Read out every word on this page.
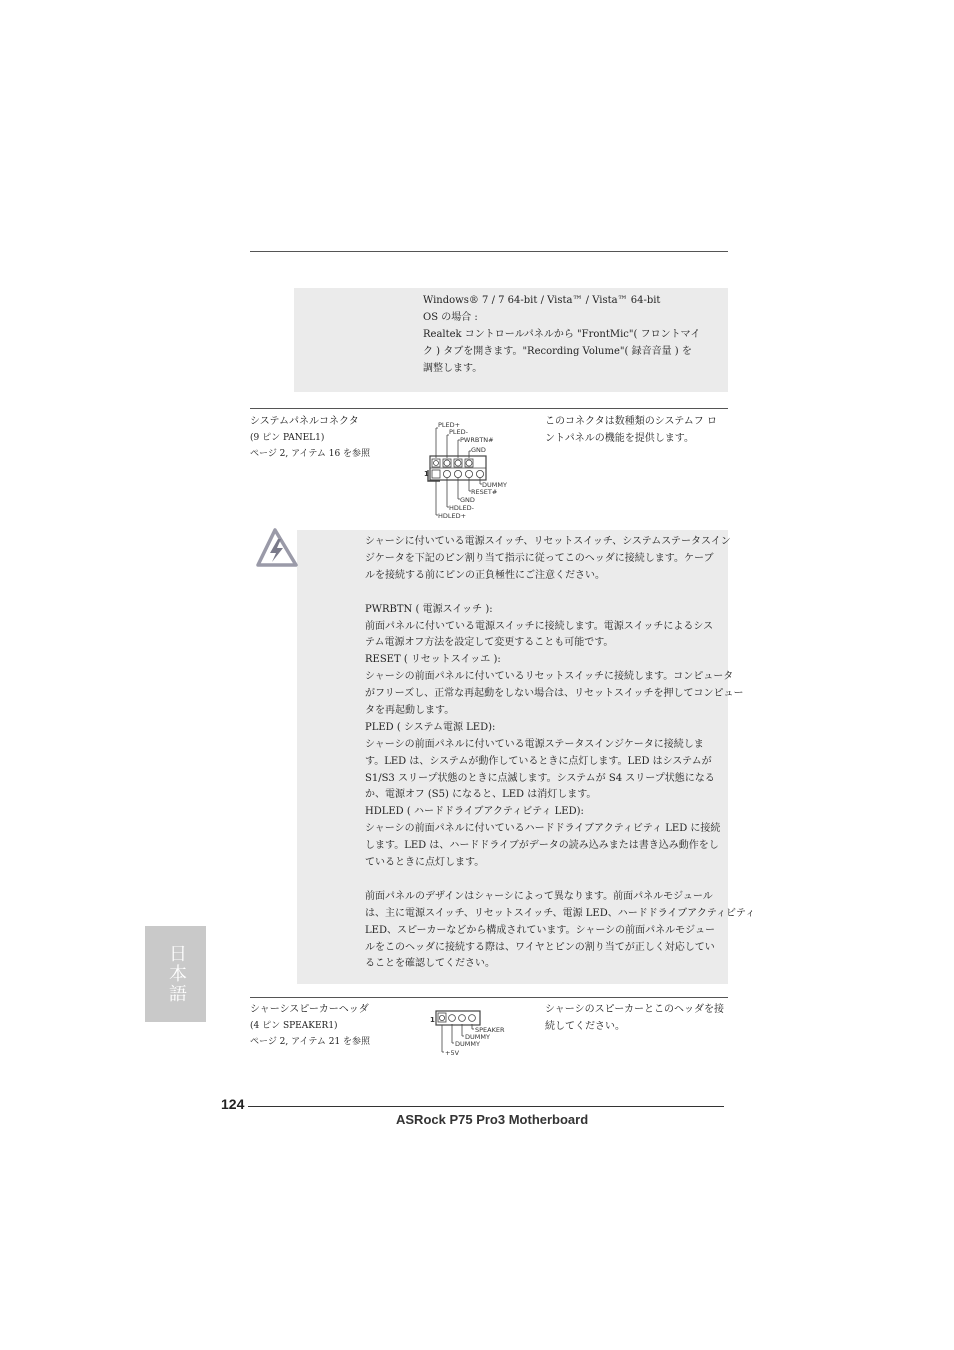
Windows® 7 / 7 64-bit / Vista™ / Vista™ 64-bit
OS の場合 :
Realtek コントロールパネルから "FrontMic"( フロントマイ
ク ) タブを開きます。"Recording Volume"( 録音音量 ) を
調整します。
システムパネルコネクタ
(9 ピン PANEL1)
ページ 2, アイテム 16 を参照
PLED+
PLED-
PWRBTN#
GND
DUMMY
RESET#
GND
HDLED-
HDLED+
1
このコネクタは数種類のシステムフ ロ
ントパネルの機能を提供します。
シャーシに付いている電源スイッチ、リセットスイッチ、システムステータスイン
ジケータを下記のピン割り当て指示に従ってこのヘッダに接続します。ケーブ
ルを接続する前にピンの正負極性にご注意ください。
PWRBTN ( 電源スイッチ ):
前面パネルに付いている電源スイッチに接続します。電源スイッチによるシス
テム電源オフ方法を設定して変更することも可能です。
RESET ( リセットスイッエ ):
シャーシの前面パネルに付いているリセットスイッチに接続します。コンピュータ
がフリーズし、正常な再起動をしない場合は、リセットスイッチを押してコンピュー
タを再起動します。
PLED ( システム電源 LED):
シャーシの前面パネルに付いている電源ステータスインジケータに接続しま
す。LED は、システムが動作しているときに点灯します。LED はシステムが
S1/S3 スリープ状態のときに点滅します。システムが S4 スリープ状態になる
か、電源オフ (S5) になると、LED は消灯します。
HDLED ( ハードドライブアクティビティ LED):
シャーシの前面パネルに付いているハードドライブアクティビティ LED に接続
します。LED は、ハードドライブがデータの読み込みまたは書き込み動作をし
ているときに点灯します。
前面パネルのデザインはシャーシによって異なります。前面パネルモジュール
は、主に電源スイッチ、リセットスイッチ、電源 LED、ハードドライブアクティビティ
LED、スピーカーなどから構成されています。シャーシの前面パネルモジュー
ルをこのヘッダに接続する際は、ワイヤとピンの割り当てが正しく対応してい
ることを確認してください。
シャーシスピーカーヘッダ
(4 ピン SPEAKER1)
ページ 2, アイテム 21 を参照
1
SPEAKER
DUMMY
DUMMY
+5V
シャーシのスピーカーとこのヘッダを接
続してください。
日本語
124
ASRock P75 Pro3 Motherboard
